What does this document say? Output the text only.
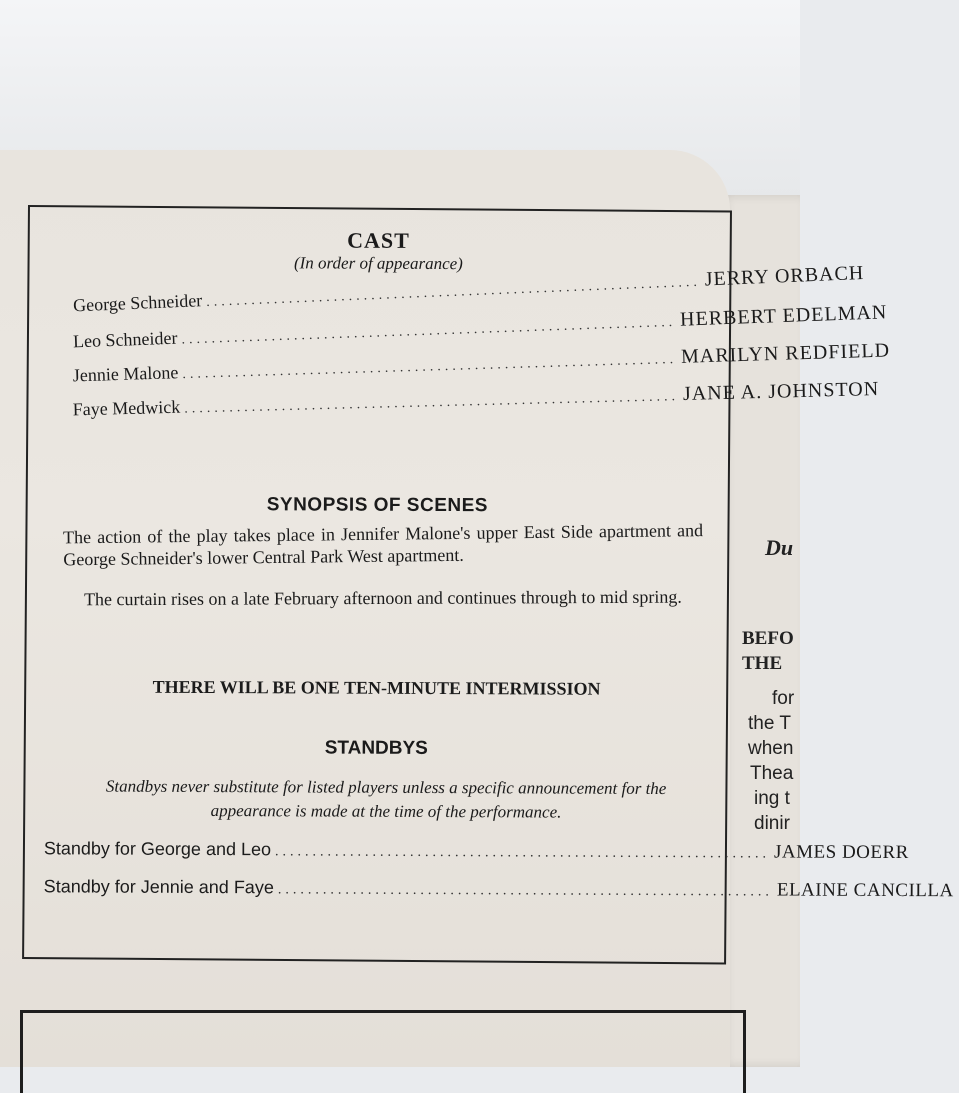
Du
BEFO
THE
for
the T
when
Thea
ing t
dinir
CAST
(In order of appearance)
George Schneider .................................................................. JERRY ORBACH
Leo Schneider .................................................................. HERBERT EDELMAN
Jennie Malone .................................................................. MARILYN REDFIELD
Faye Medwick .................................................................. JANE A. JOHNSTON
SYNOPSIS OF SCENES
The action of the play takes place in Jennifer Malone's upper East Side apartment and George Schneider's lower Central Park West apartment.
The curtain rises on a late February afternoon and continues through to mid spring.
THERE WILL BE ONE TEN-MINUTE INTERMISSION
STANDBYS
Standbys never substitute for listed players unless a specific announcement for the appearance is made at the time of the performance.
Standby for George and Leo .................................................................. JAMES DOERR
Standby for Jennie and Faye .................................................................. ELAINE CANCILLA
